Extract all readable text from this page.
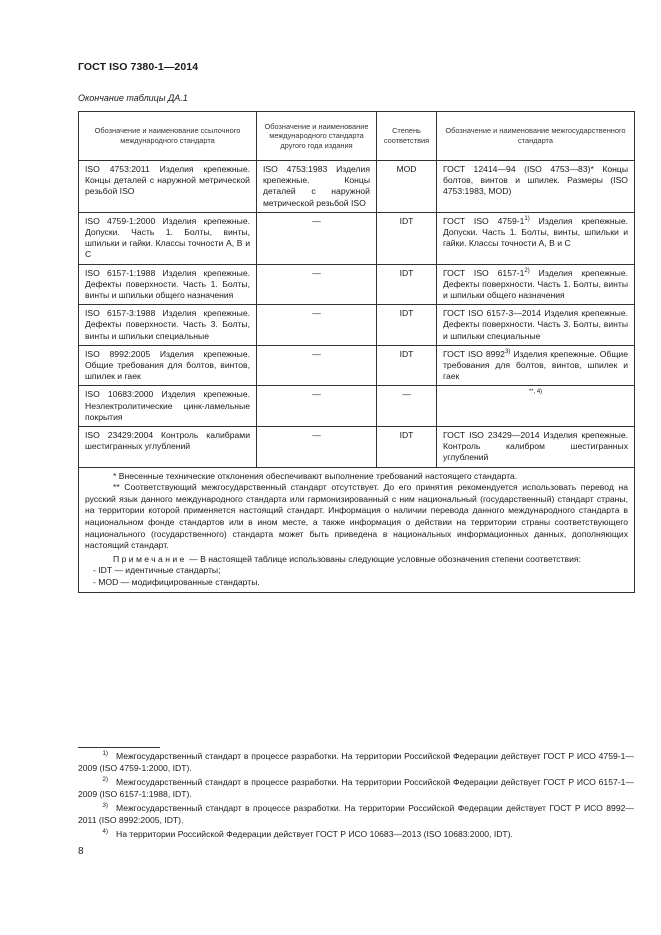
ГОСТ ISO 7380-1—2014
Окончание таблицы ДА.1
Обозначение и наименование ссылочного международного стандарта	Обозначение и наименование международного стандарта другого года издания	Степень соответствия	Обозначение и наименование межгосударственного стандарта
ISO 4753:2011 Изделия крепежные. Концы деталей с наружной метрической резьбой ISO	ISO 4753:1983 Изделия крепежные. Концы деталей с наружной метрической резьбой ISO	MOD	ГОСТ 12414—94 (ISO 4753—83)* Концы болтов, винтов и шпилек. Размеры (ISO 4753:1983, MOD)
ISO 4759-1:2000 Изделия крепежные. Допуски. Часть 1. Болты, винты, шпильки и гайки. Классы точности А, В и С	—	IDT	ГОСТ ISO 4759-1$^{1)}$ Изделия крепежные. Допуски. Часть 1. Болты, винты, шпильки и гайки. Классы точности А, В и С
ISO 6157-1:1988 Изделия крепежные. Дефекты поверхности. Часть 1. Болты, винты и шпильки общего назначения	—	IDT	ГОСТ ISO 6157-1$^{2)}$ Изделия крепежные. Дефекты поверхности. Часть 1. Болты, винты и шпильки общего назначения
ISO 6157-3:1988 Изделия крепежные. Дефекты поверхности. Часть 3. Болты, винты и шпильки специальные	—	IDT	ГОСТ ISO 6157-3—2014 Изделия крепежные. Дефекты поверхности. Часть 3. Болты, винты и шпильки специальные
ISO 8992:2005 Изделия крепежные. Общие требования для болтов, винтов, шпилек и гаек	—	IDT	ГОСТ ISO 8992$^{3)}$ Изделия крепежные. Общие требования для болтов, винтов, шпилек и гаек
ISO 10683:2000 Изделия крепежные. Неэлектролитические цинк-ламельные покрытия	—	—	$^{**, 4)}$
ISO 23429:2004 Контроль калибрами шестигранных углублений	—	IDT	ГОСТ ISO 23429—2014 Изделия крепежные. Контроль калибром шестигранных углублений

* Внесенные технические отклонения обеспечивают выполнение требований настоящего стандарта.

** Соответствующий межгосударственный стандарт отсутствует. До его принятия рекомендуется использовать перевод на русский язык данного международного стандарта или гармонизированный с ним национальный (государственный) стандарт страны, на территории которой применяется настоящий стандарт. Информация о наличии перевода данного международного стандарта в национальном фонде стандартов или в ином месте, а также информация о действии на территории страны соответствующего национального (государственного) стандарта может быть приведена в национальных информационных данных, дополняющих настоящий стандарт.

Примечание — В настоящей таблице использованы следующие условные обозначения степени соответствия:

- IDT — идентичные стандарты;

- MOD — модифицированные стандарты.			

$^{1)}$ Межгосударственный стандарт в процессе разработки. На территории Российской Федерации действует ГОСТ Р ИСО 4759-1—2009 (ISO 4759-1:2000, IDT).

$^{2)}$ Межгосударственный стандарт в процессе разработки. На территории Российской Федерации действует ГОСТ Р ИСО 6157-1—2009 (ISO 6157-1:1988, IDT).

$^{3)}$ Межгосударственный стандарт в процессе разработки. На территории Российской Федерации действует ГОСТ Р ИСО 8992—2011 (ISO 8992:2005, IDT).

$^{4)}$ На территории Российской Федерации действует ГОСТ Р ИСО 10683—2013 (ISO 10683:2000, IDT).

8
